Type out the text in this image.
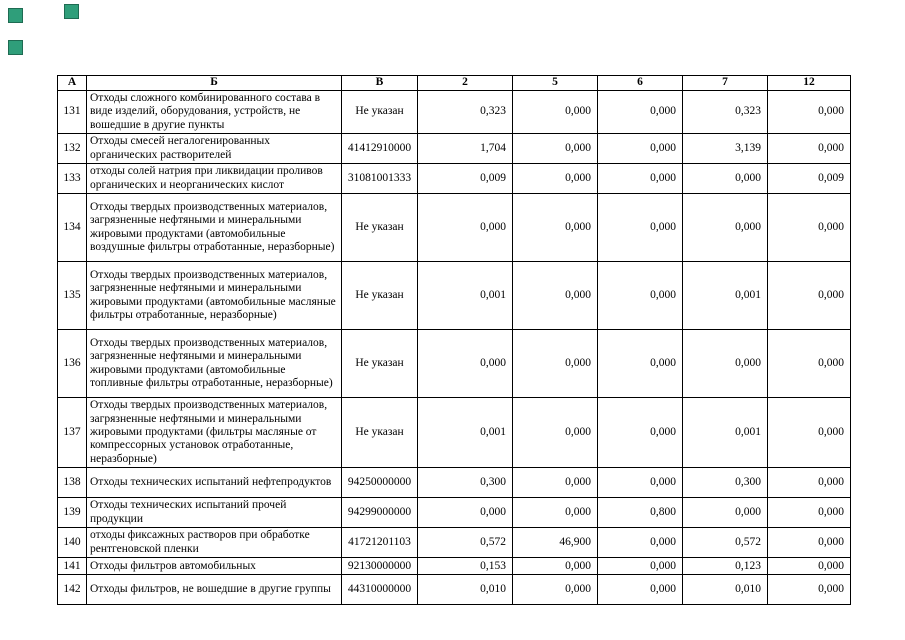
А	Б	В	2	5	6	7	12
131	Отходы сложного комбинированного состава в виде изделий, оборудования, устройств, не вошедшие в другие пункты	Не указан	0,323	0,000	0,000	0,323	0,000
132	Отходы смесей негалогенированных органических растворителей	41412910000	1,704	0,000	0,000	3,139	0,000
133	отходы солей натрия при ликвидации проливов органических и неорганических кислот	31081001333	0,009	0,000	0,000	0,000	0,009
134	Отходы твердых производственных материалов, загрязненные нефтяными и минеральными жировыми продуктами (автомобильные воздушные фильтры отработанные, неразборные)	Не указан	0,000	0,000	0,000	0,000	0,000
135	Отходы твердых производственных материалов, загрязненные нефтяными и минеральными жировыми продуктами (автомобильные масляные фильтры отработанные, неразборные)	Не указан	0,001	0,000	0,000	0,001	0,000
136	Отходы твердых производственных материалов, загрязненные нефтяными и минеральными жировыми продуктами (автомобильные топливные фильтры отработанные, неразборные)	Не указан	0,000	0,000	0,000	0,000	0,000
137	Отходы твердых производственных материалов, загрязненные нефтяными и минеральными жировыми продуктами (фильтры масляные от компрессорных установок отработанные, неразборные)	Не указан	0,001	0,000	0,000	0,001	0,000
138	Отходы технических испытаний нефтепродуктов	94250000000	0,300	0,000	0,000	0,300	0,000
139	Отходы технических испытаний прочей продукции	94299000000	0,000	0,000	0,800	0,000	0,000
140	отходы фиксажных растворов при обработке рентгеновской пленки	41721201103	0,572	46,900	0,000	0,572	0,000
141	Отходы фильтров автомобильных	92130000000	0,153	0,000	0,000	0,123	0,000
142	Отходы фильтров, не вошедшие в другие группы	44310000000	0,010	0,000	0,000	0,010	0,000
